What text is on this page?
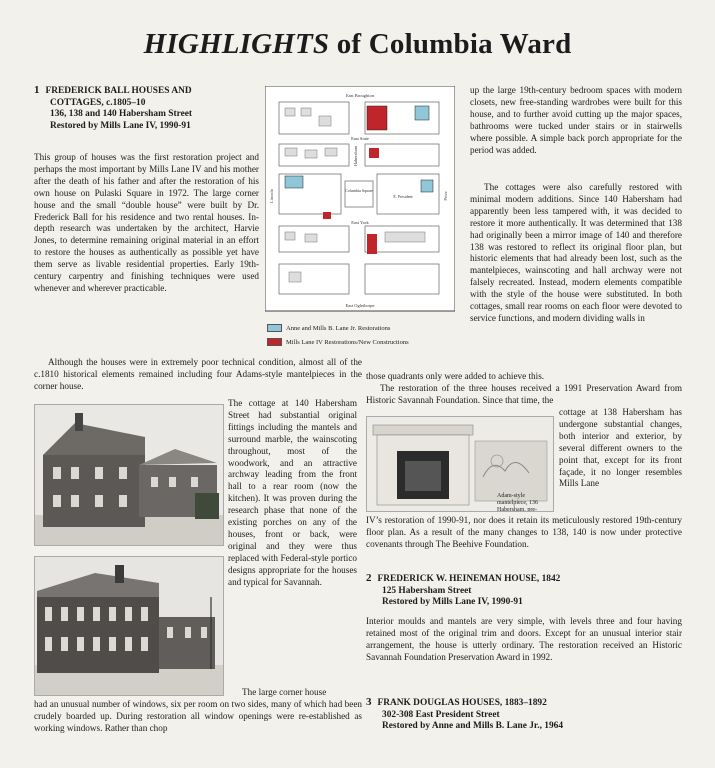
HIGHLIGHTS of Columbia Ward
1 FREDERICK BALL HOUSES AND
COTTAGES, c.1805–10
136, 138 and 140 Habersham Street
Restored by Mills Lane IV, 1990-91

This group of houses was the first restoration project and perhaps the most important by Mills Lane IV and his mother after the death of his father and after the restoration of his own house on Pulaski Square in 1972. The large corner house and the small “double house” were built by Dr. Frederick Ball for his residence and two rental houses. In-depth research was undertaken by the architect, Harvie Jones, to determine remaining original material in an effort to restore the houses as authentically as possible yet have them serve as livable residential properties. Early 19th-century carpentry and finishing techniques were used whenever and wherever practicable.

Although the houses were in extremely poor technical condition, almost all of the c.1810 historical elements remained including four Adams-style mantelpieces in the corner house.

East Broughton
East State
East York
East Oglethorpe
Lincoln
Habersham
Price
Columbia Square
E. President
Anne and Mills B. Lane Jr. Restorations
Mills Lane IV Restorations/New Constructions

up the large 19th-century bedroom spaces with modern closets, new free-standing wardrobes were built for this house, and to further avoid cutting up the major spaces, bathrooms were tucked under stairs or in stairwells where possible. A simple back porch appropriate for the period was added.

The cottages were also carefully restored with minimal modern additions. Since 140 Habersham had apparently been less tampered with, it was decided to restore it more authentically. It was determined that 138 had originally been a mirror image of 140 and therefore 138 was restored to reflect its original floor plan, but historic elements that had already been lost, such as the mantelpieces, wainscoting and hall archway were not falsely recreated. Instead, modern elements compatible with the style of the house were substituted. In both cottages, small rear rooms on each floor were devoted to service functions, and modern dividing walls in

those quadrants only were added to achieve this.

The restoration of the three houses received a 1991 Preservation Award from Historic Savannah Foundation. Since that time, the

cottage at 138 Habersham has undergone substantial changes, both interior and exterior, by several different owners to the point that, except for its front façade, it no longer resembles Mills Lane

IV’s restoration of 1990-91, nor does it retain its meticulously restored 19th-century floor plan. As a result of the many changes to 138, 140 is now under protective covenants through The Beehive Foundation.

Adam-style mantelpiece, 136 Habersham, pre-

The cottage at 140 Habersham Street had substantial original fittings including the mantels and surround marble, the wainscoting throughout, most of the woodwork, and an attractive archway leading from the front hall to a rear room (now the kitchen). It was proven during the research phase that none of the existing porches on any of the houses, front or back, were original and they were thus replaced with Federal-style portico designs appropriate for the houses and typical for Savannah.

The large corner house

had an unusual number of windows, six per room on two sides, many of which had been crudely boarded up. During restoration all window openings were re-established as working windows. Rather than chop

2 FREDERICK W. HEINEMAN HOUSE, 1842
125 Habersham Street
Restored by Mills Lane IV, 1990-91

Interior moulds and mantels are very simple, with levels three and four having retained most of the original trim and doors. Except for an unusual interior stair arrangement, the house is utterly ordinary. The restoration received an Historic Savannah Foundation Preservation Award in 1992.

3 FRANK DOUGLAS HOUSES, 1883–1892
302-308 East President Street
Restored by Anne and Mills B. Lane Jr., 1964
